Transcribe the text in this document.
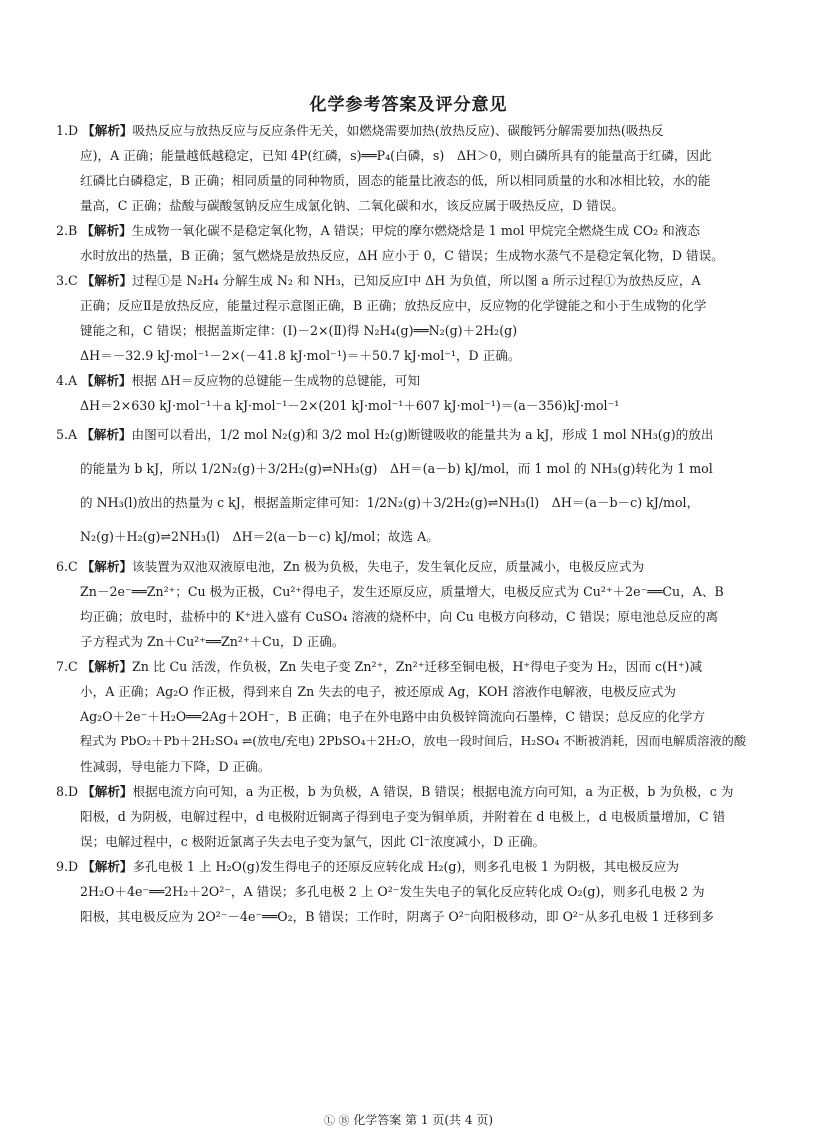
化学参考答案及评分意见
1.D 【解析】吸热反应与放热反应与反应条件无关，如燃烧需要加热(放热反应)、碳酸钙分解需要加热(吸热反
应)，A 正确；能量越低越稳定，已知 4P(红磷，s)══P₄(白磷，s)　ΔH＞0，则白磷所具有的能量高于红磷，因此
红磷比白磷稳定，B 正确；相同质量的同种物质，固态的能量比液态的低，所以相同质量的水和冰相比较，水的能
量高，C 正确；盐酸与碳酸氢钠反应生成氯化钠、二氧化碳和水，该反应属于吸热反应，D 错误。
2.B 【解析】生成物一氧化碳不是稳定氧化物，A 错误；甲烷的摩尔燃烧焓是 1 mol 甲烷完全燃烧生成 CO₂ 和液态
水时放出的热量，B 正确；氢气燃烧是放热反应，ΔH 应小于 0，C 错误；生成物水蒸气不是稳定氧化物，D 错误。
3.C 【解析】过程①是 N₂H₄ 分解生成 N₂ 和 NH₃，已知反应Ⅰ中 ΔH 为负值，所以图 a 所示过程①为放热反应，A
正确；反应Ⅱ是放热反应，能量过程示意图正确，B 正确；放热反应中，反应物的化学键能之和小于生成物的化学
键能之和，C 错误；根据盖斯定律：(Ⅰ)－2×(Ⅱ)得 N₂H₄(g)══N₂(g)＋2H₂(g)
ΔH＝－32.9 kJ·mol⁻¹－2×(－41.8 kJ·mol⁻¹)＝＋50.7 kJ·mol⁻¹，D 正确。
4.A 【解析】根据 ΔH＝反应物的总键能－生成物的总键能，可知
ΔH＝2×630 kJ·mol⁻¹＋a kJ·mol⁻¹－2×(201 kJ·mol⁻¹＋607 kJ·mol⁻¹)＝(a－356)kJ·mol⁻¹
5.A 【解析】由图可以看出，1/2 mol N₂(g)和 3/2 mol H₂(g)断键吸收的能量共为 a kJ，形成 1 mol NH₃(g)的放出
的能量为 b kJ，所以 1/2N₂(g)＋3/2H₂(g)⇌NH₃(g)　ΔH＝(a－b) kJ/mol，而 1 mol 的 NH₃(g)转化为 1 mol
的 NH₃(l)放出的热量为 c kJ，根据盖斯定律可知：1/2N₂(g)＋3/2H₂(g)⇌NH₃(l)　ΔH＝(a－b－c) kJ/mol，
N₂(g)＋H₂(g)⇌2NH₃(l)　ΔH＝2(a－b－c) kJ/mol；故选 A。
6.C 【解析】该装置为双池双液原电池，Zn 极为负极，失电子，发生氧化反应，质量减小，电极反应式为
Zn－2e⁻══Zn²⁺；Cu 极为正极，Cu²⁺得电子，发生还原反应，质量增大，电极反应式为 Cu²⁺＋2e⁻══Cu，A、B
均正确；放电时，盐桥中的 K⁺进入盛有 CuSO₄ 溶液的烧杯中，向 Cu 电极方向移动，C 错误；原电池总反应的离
子方程式为 Zn＋Cu²⁺══Zn²⁺＋Cu，D 正确。
7.C 【解析】Zn 比 Cu 活泼，作负极，Zn 失电子变 Zn²⁺，Zn²⁺迁移至铜电极，H⁺得电子变为 H₂，因而 c(H⁺)减
小，A 正确；Ag₂O 作正极，得到来自 Zn 失去的电子，被还原成 Ag，KOH 溶液作电解液，电极反应式为
Ag₂O＋2e⁻＋H₂O══2Ag＋2OH⁻，B 正确；电子在外电路中由负极锌筒流向石墨棒，C 错误；总反应的化学方
程式为 PbO₂＋Pb＋2H₂SO₄ ⇌(放电/充电) 2PbSO₄＋2H₂O，放电一段时间后，H₂SO₄ 不断被消耗，因而电解质溶液的酸
性减弱，导电能力下降，D 正确。
8.D 【解析】根据电流方向可知，a 为正极，b 为负极，A 错误，B 错误；根据电流方向可知，a 为正极，b 为负极，c 为
阳极，d 为阴极，电解过程中，d 电极附近铜离子得到电子变为铜单质，并附着在 d 电极上，d 电极质量增加，C 错
误；电解过程中，c 极附近氯离子失去电子变为氯气，因此 Cl⁻浓度减小，D 正确。
9.D 【解析】多孔电极 1 上 H₂O(g)发生得电子的还原反应转化成 H₂(g)，则多孔电极 1 为阴极，其电极反应为
2H₂O＋4e⁻══2H₂＋2O²⁻，A 错误；多孔电极 2 上 O²⁻发生失电子的氧化反应转化成 O₂(g)，则多孔电极 2 为
阳极，其电极反应为 2O²⁻－4e⁻══O₂，B 错误；工作时，阴离子 O²⁻向阳极移动，即 O²⁻从多孔电极 1 迁移到多
Ⓛ Ⓑ 化学答案 第 1 页(共 4 页)
